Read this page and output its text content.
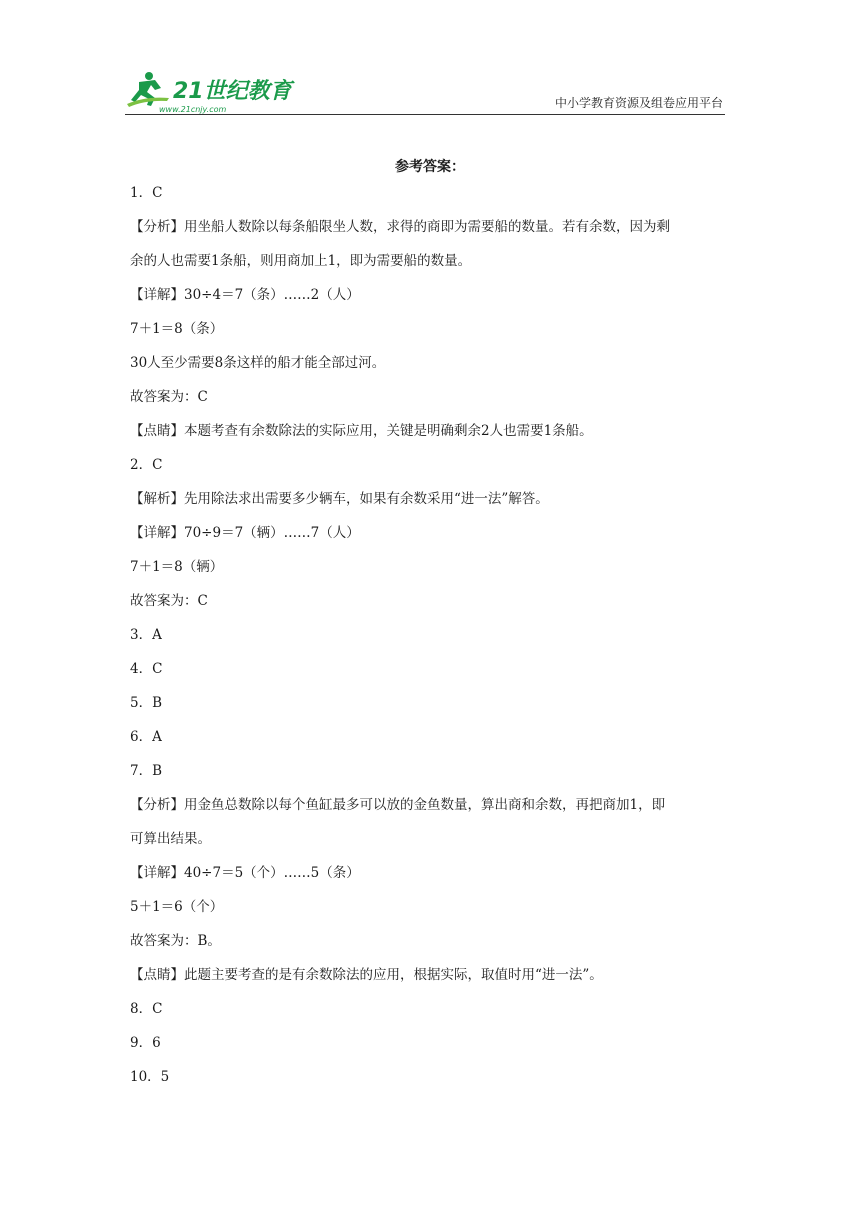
21世纪教育
www.21cnjy.com	中小学教育资源及组卷应用平台
参考答案：
1．C
【分析】用坐船人数除以每条船限坐人数，求得的商即为需要船的数量。若有余数，因为剩
余的人也需要1条船，则用商加上1，即为需要船的数量。
【详解】30÷4＝7（条）……2（人）
7＋1＝8（条）
30人至少需要8条这样的船才能全部过河。
故答案为：C
【点睛】本题考查有余数除法的实际应用，关键是明确剩余2人也需要1条船。
2．C
【解析】先用除法求出需要多少辆车，如果有余数采用“进一法”解答。
【详解】70÷9＝7（辆）……7（人）
7＋1＝8（辆）
故答案为：C
3．A
4．C
5．B
6．A
7．B
【分析】用金鱼总数除以每个鱼缸最多可以放的金鱼数量，算出商和余数，再把商加1，即
可算出结果。
【详解】40÷7＝5（个）……5（条）
5＋1＝6（个）
故答案为：B。
【点睛】此题主要考查的是有余数除法的应用，根据实际，取值时用“进一法”。
8．C
9．6
10．5
